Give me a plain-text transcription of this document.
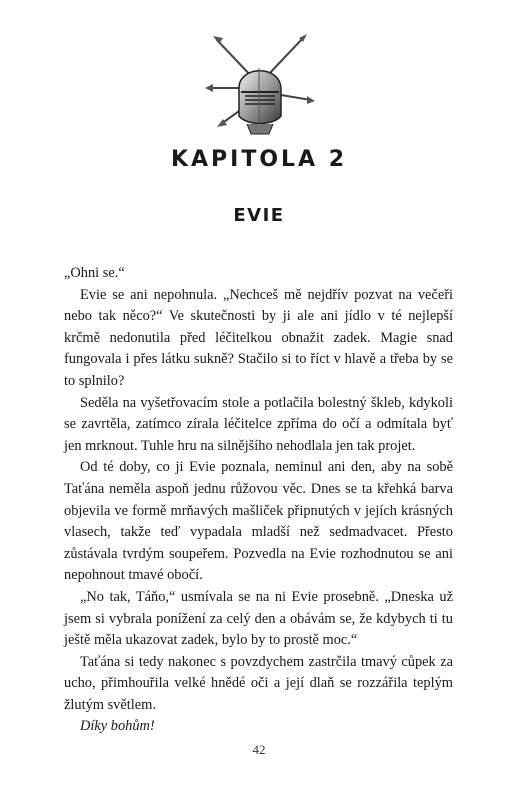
KAPITOLA 2
EVIE

„Ohni se.“

Evie se ani nepohnula. „Nechceš mě nejdřív pozvat na večeři nebo tak něco?“ Ve skutečnosti by ji ale ani jídlo v té nejlepší krčmě nedonutila před léčitelkou obnažit zadek. Magie snad fungovala i přes látku sukně? Stačilo si to říct v hlavě a třeba by se to splnilo?

Seděla na vyšetřovacím stole a potlačila bolestný škleb, kdykoli se zavrtěla, zatímco zírala léčitelce zpříma do očí a odmítala byť jen mrknout. Tuhle hru na silnějšího nehodlala jen tak projet.

Od té doby, co ji Evie poznala, neminul ani den, aby na sobě Taťána neměla aspoň jednu růžovou věc. Dnes se ta křehká barva objevila ve formě mrňavých mašliček připnutých v jejích krásných vlasech, takže teď vypadala mladší než sedmadvacet. Přesto zůstávala tvrdým soupeřem. Pozvedla na Evie rozhodnutou se ani nepohnout tmavé obočí.

„No tak, Táňo,“ usmívala se na ni Evie prosebně. „Dneska už jsem si vybrala ponížení za celý den a obávám se, že kdybych ti tu ještě měla ukazovat zadek, bylo by to prostě moc.“

Taťána si tedy nakonec s povzdychem zastrčila tmavý cůpek za ucho, přimhouřila velké hnědé oči a její dlaň se rozzářila teplým žlutým světlem.

Díky bohům!

42
